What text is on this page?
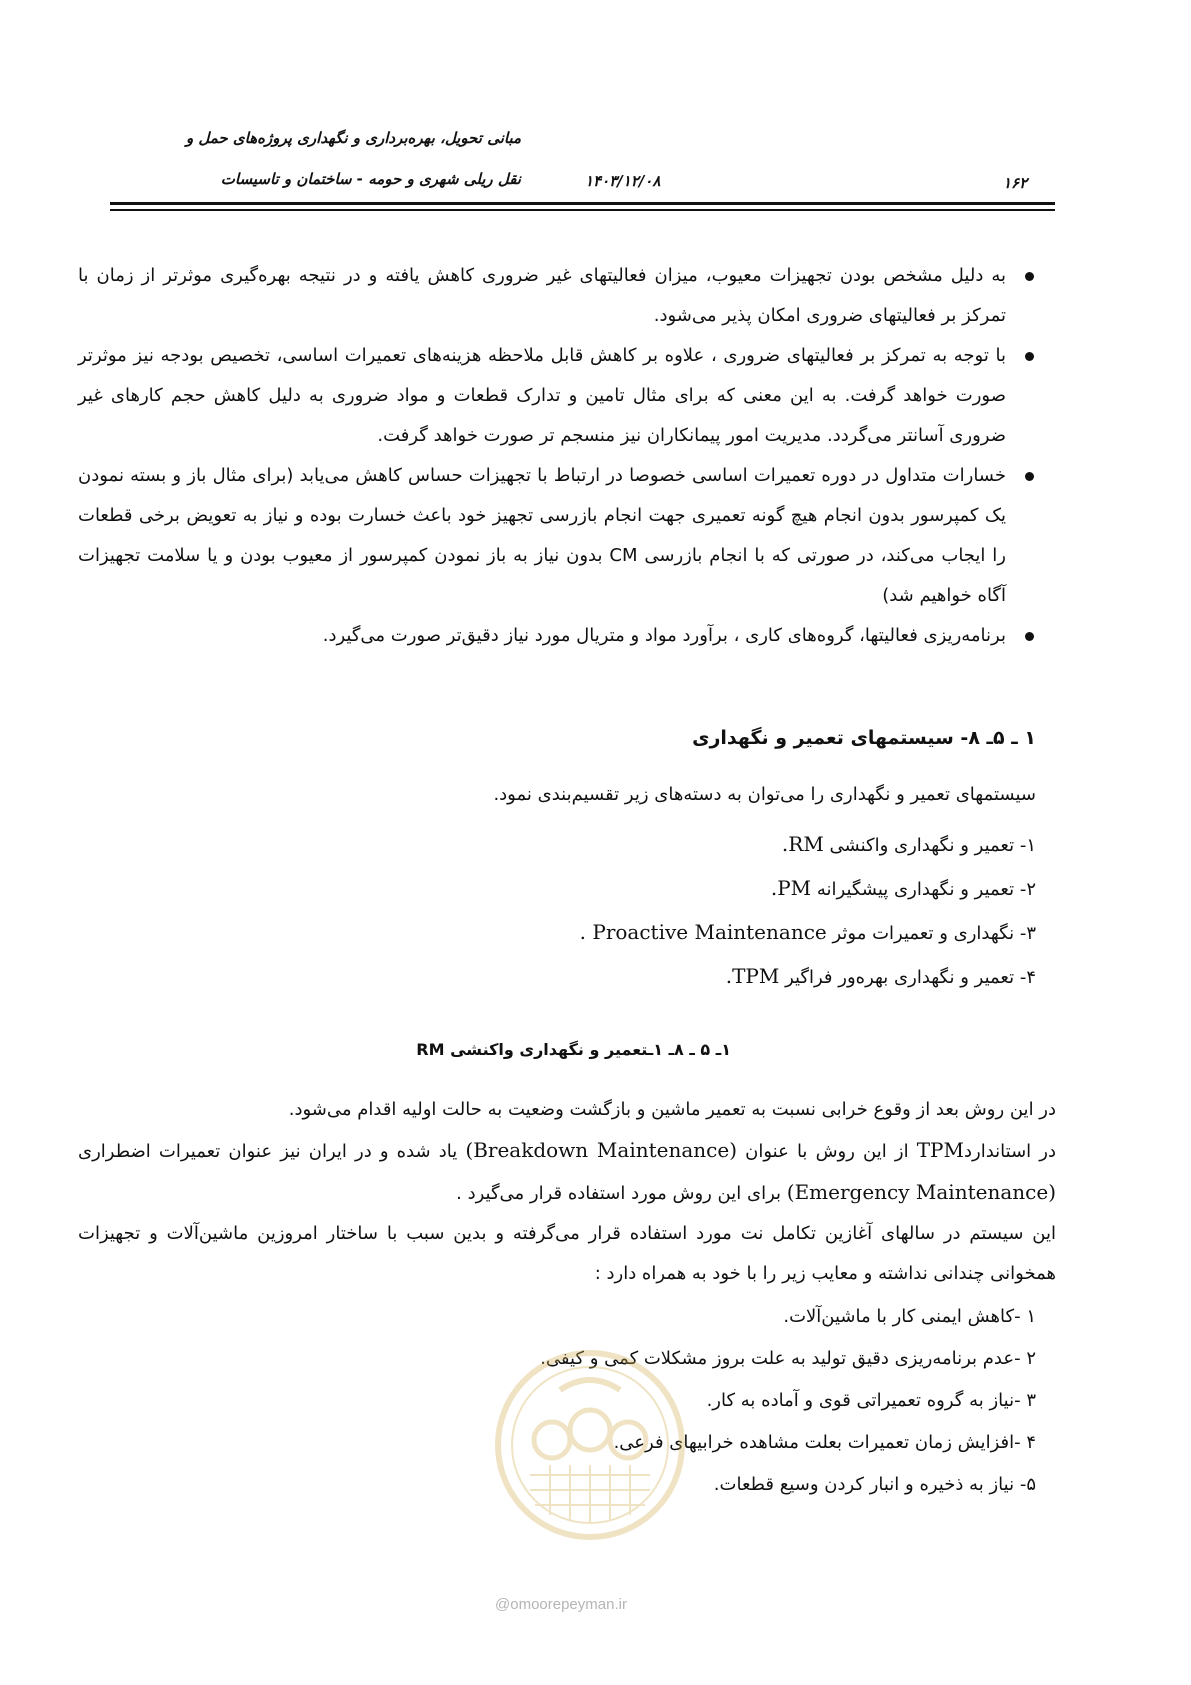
مبانی تحویل، بهره‌برداری و نگهداری پروژه‌های حمل و
نقل ریلی شهری و حومه - ساختمان و تاسیسات	۱۴۰۳/۱۲/۰۸	۱۶۲
به دلیل مشخص بودن تجهیزات معیوب، میزان فعالیتهای غیر ضروری کاهش یافته و در نتیجه بهره‌گیری موثرتر از زمان با تمرکز بر فعالیتهای ضروری امکان پذیر می‌شود.
با توجه به تمرکز بر فعالیتهای ضروری ، علاوه بر کاهش قابل ملاحظه هزینه‌های تعمیرات اساسی، تخصیص بودجه نیز موثرتر صورت خواهد گرفت. به این معنی که برای مثال تامین و تدارک قطعات و مواد ضروری به دلیل کاهش حجم کارهای غیر ضروری آسانتر می‌گردد. مدیریت امور پیمانکاران نیز منسجم تر صورت خواهد گرفت.
خسارات متداول در دوره تعمیرات اساسی خصوصا در ارتباط با تجهیزات حساس کاهش می‌یابد (برای مثال باز و بسته نمودن یک کمپرسور بدون انجام هیچ گونه تعمیری جهت انجام بازرسی تجهیز خود باعث خسارت بوده و نیاز به تعویض برخی قطعات را ایجاب می‌کند، در صورتی که با انجام بازرسی CM بدون نیاز به باز نمودن کمپرسور از معیوب بودن و یا سلامت تجهیزات آگاه خواهیم شد)
برنامه‌ریزی فعالیتها، گروه‌های کاری ، برآورد مواد و متریال مورد نیاز دقیق‌تر صورت می‌گیرد.
۱ ـ ۵ـ ۸- سیستمهای تعمیر و نگهداری
سیستمهای تعمیر و نگهداری را می‌توان به دسته‌های زیر تقسیم‌بندی نمود.
۱- تعمیر و نگهداری واکنشی RM.
۲- تعمیر و نگهداری پیشگیرانه PM.
۳- نگهداری و تعمیرات موثر Proactive Maintenance .
۴- تعمیر و نگهداری بهره‌ور فراگیر TPM.
۱ـ ۵ ـ ۸ـ ۱ـتعمیر و نگهداری واکنشی RM
در این روش بعد از وقوع خرابی نسبت به تعمیر ماشین و بازگشت وضعیت به حالت اولیه اقدام می‌شود.
در استانداردTPM از این روش با عنوان (Breakdown Maintenance) یاد شده و در ایران نیز عنوان تعمیرات اضطراری (Emergency Maintenance) برای این روش مورد استفاده قرار می‌گیرد .
این سیستم در سالهای آغازین تکامل نت مورد استفاده قرار می‌گرفته و بدین سبب با ساختار امروزین ماشین‌آلات و تجهیزات همخوانی چندانی نداشته و معایب زیر را با خود به همراه دارد :
۱ -کاهش ایمنی کار با ماشین‌آلات.
۲ -عدم برنامه‌ریزی دقیق تولید به علت بروز مشکلات کمی و کیفی.
۳ -نیاز به گروه تعمیراتی قوی و آماده به کار.
۴ -افزایش زمان تعمیرات بعلت مشاهده خرابیهای فرعی.
۵- نیاز به ذخیره و انبار کردن وسیع قطعات.
@omoorepeyman.ir
